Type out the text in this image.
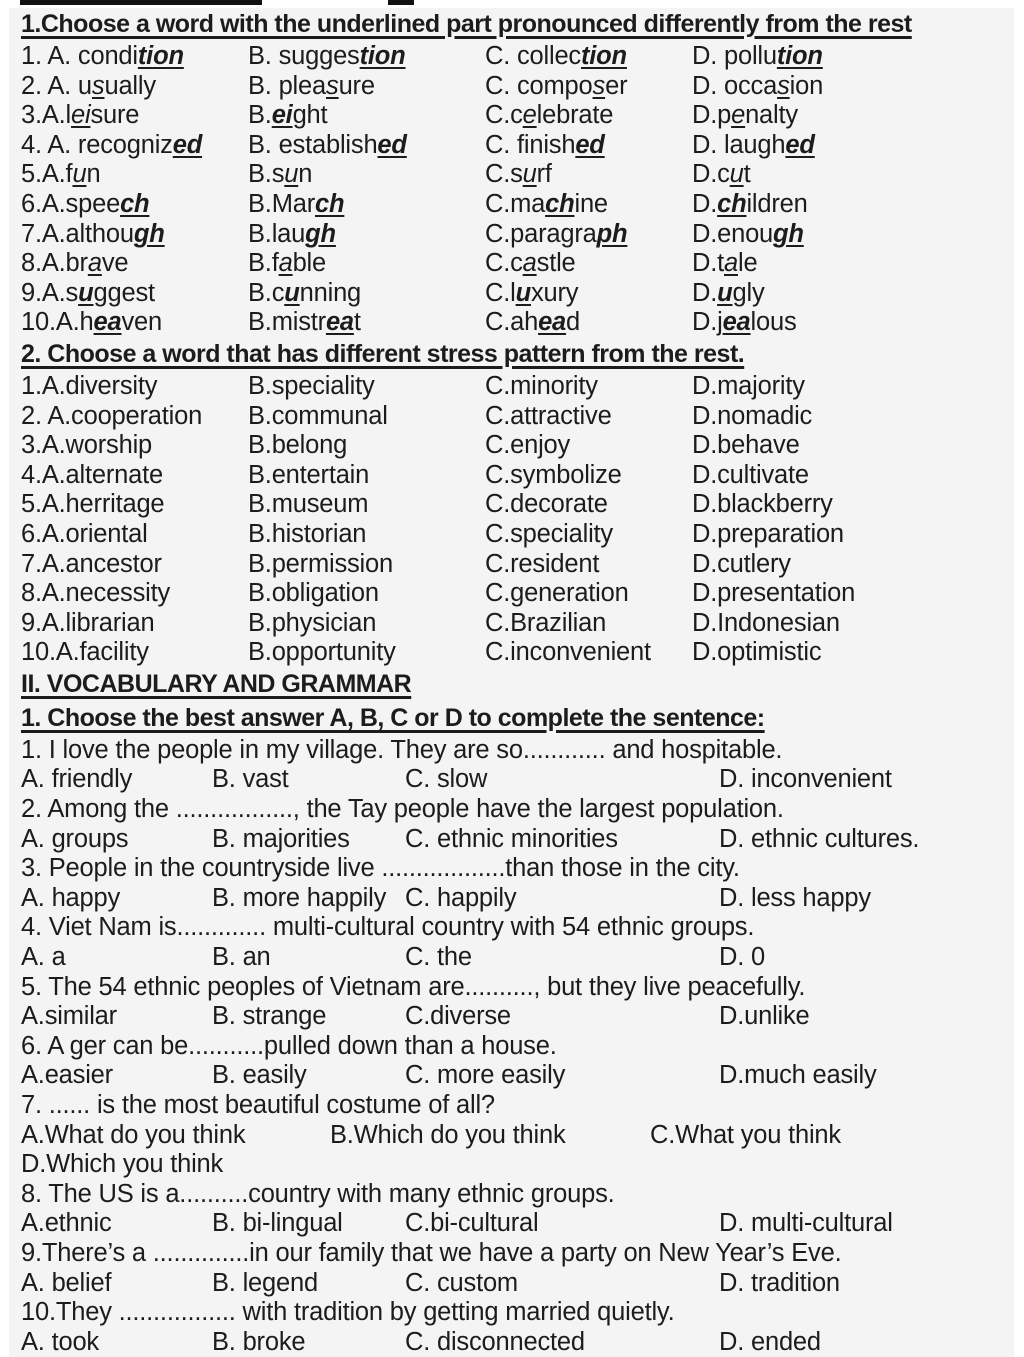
1.Choose a word with the underlined part pronounced differently from the rest
1. A. condition	B. suggestion	C. collection	D. pollution
2. A. usually	B. pleasure	C. composer	D. occasion
3.A.leisure	B.eight	C.celebrate	D.penalty
4. A. recognized	B. established	C. finished	D. laughed
5.A.fun	B.sun	C.surf	D.cut
6.A.speech	B.March	C.machine	D.children
7.A.although	B.laugh	C.paragraph	D.enough
8.A.brave	B.fable	C.castle	D.tale
9.A.suggest	B.cunning	C.luxury	D.ugly
10.A.heaven	B.mistreat	C.ahead	D.jealous
2. Choose a word that has different stress pattern from the rest.
1.A.diversity	B.speciality	C.minority	D.majority
2. A.cooperation	B.communal	C.attractive	D.nomadic
3.A.worship	B.belong	C.enjoy	D.behave
4.A.alternate	B.entertain	C.symbolize	D.cultivate
5.A.herritage	B.museum	C.decorate	D.blackberry
6.A.oriental	B.historian	C.speciality	D.preparation
7.A.ancestor	B.permission	C.resident	D.cutlery
8.A.necessity	B.obligation	C.generation	D.presentation
9.A.librarian	B.physician	C.Brazilian	D.Indonesian
10.A.facility	B.opportunity	C.inconvenient	D.optimistic
II. VOCABULARY AND GRAMMAR
1. Choose the best answer A, B, C or D to complete the sentence:
1. I love the people in my village. They are so............ and hospitable.
A. friendly	B. vast	C. slow	D. inconvenient
2. Among the ................., the Tay people have the largest population.
A. groups	B. majorities	C. ethnic minorities	D. ethnic cultures.
3. People in the countryside live ..................than those in the city.
A. happy	B. more happily C. happily	D. less happy
4. Viet Nam is............. multi-cultural country with 54 ethnic groups.
A. a	B. an	C. the	D. 0
5. The 54 ethnic peoples of Vietnam are.........., but they live peacefully.
A.similar	B. strange	C.diverse	D.unlike
6. A ger can be...........pulled down than a house.
A.easier	B. easily	C. more easily	D.much easily
7. ...... is the most beautiful costume of all?
A.What do you think	B.Which do you think	C.What you think
D.Which you think
8. The US is a..........country with many ethnic groups.
A.ethnic	B. bi-lingual	C.bi-cultural	D. multi-cultural
9.There’s a ..............in our family that we have a party on New Year’s Eve.
A. belief	B. legend	C. custom	D. tradition
10.They ................. with tradition by getting married quietly.
A. took	B. broke	C. disconnected	D. ended
